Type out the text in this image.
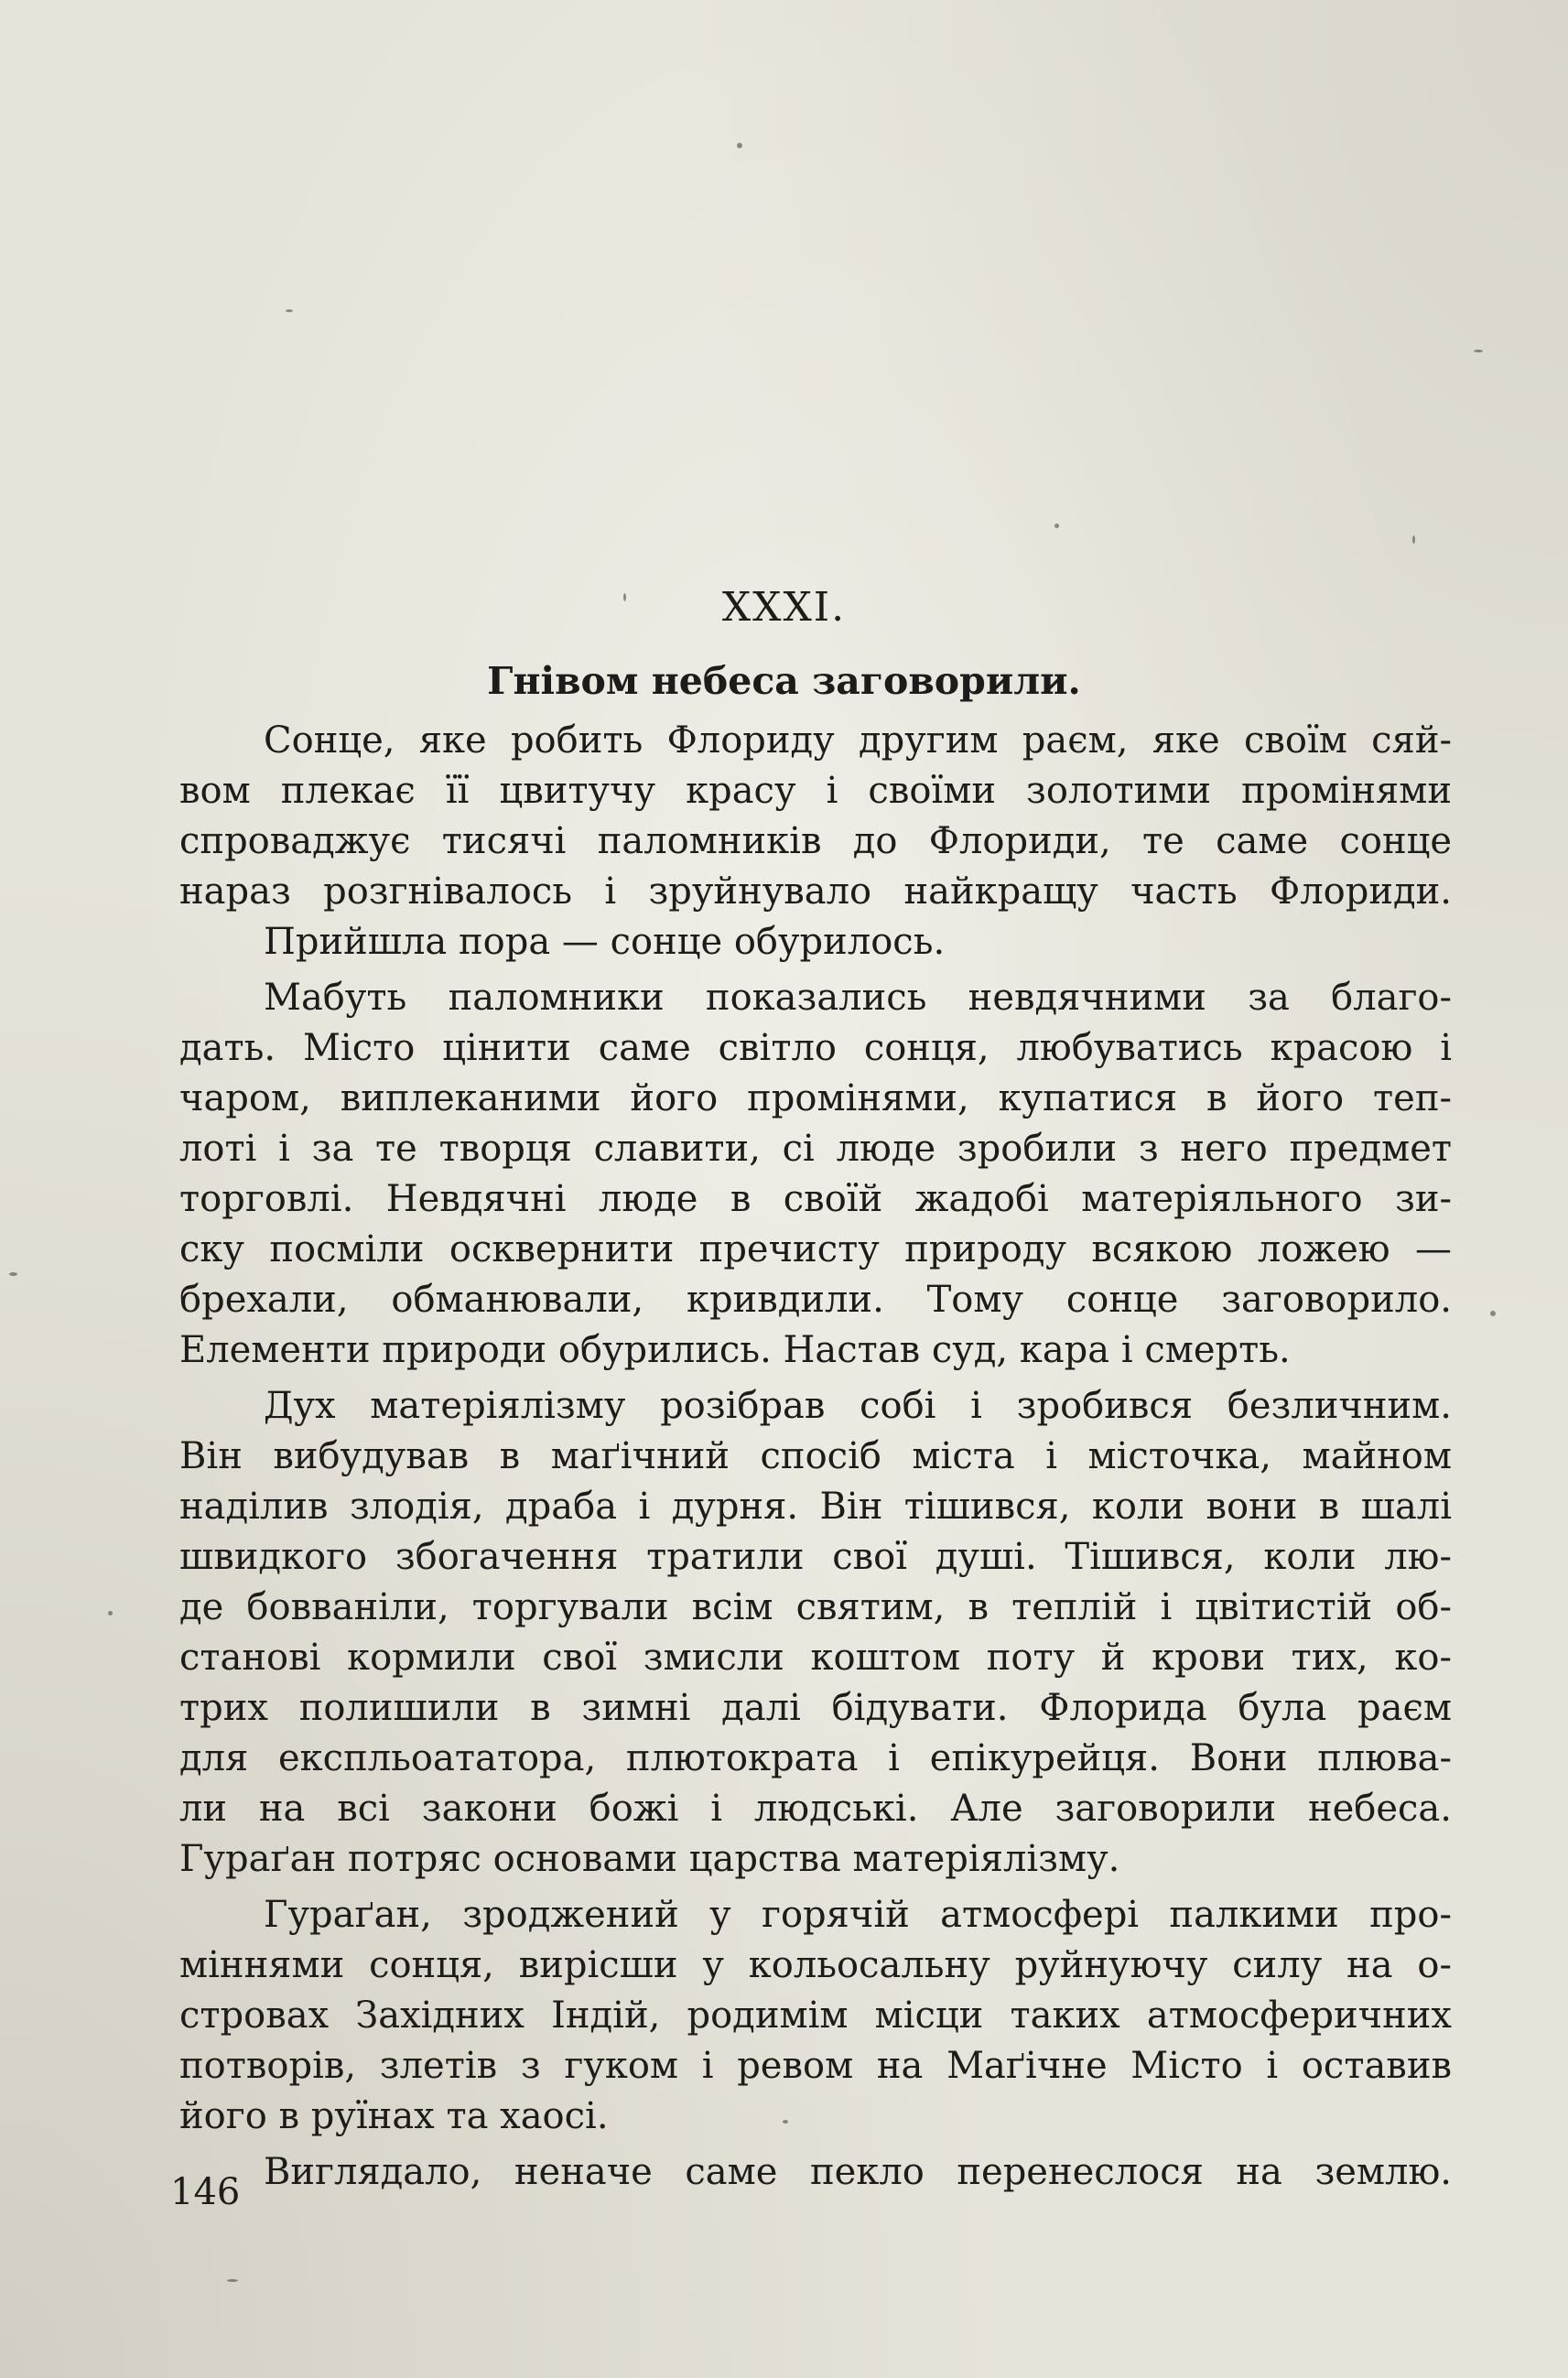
XXXI.
Гнівом небеса заговорили.
Сонце, яке робить Флориду другим раєм, яке своїм сяй-
вом плекає її цвитучу красу і своїми золотими промінями
спроваджує тисячі паломників до Флориди, те саме сонце
нараз розгнівалось і зруйнувало найкращу часть Флориди.
Прийшла пора — сонце обурилось.
Мабуть паломники показались невдячними за благо-
дать. Місто цінити саме світло сонця, любуватись красою і
чаром, виплеканими його промінями, купатися в його теп-
лоті і за те творця славити, сі люде зробили з него предмет
торговлі. Невдячні люде в своїй жадобі матеріяльного зи-
ску посміли осквернити пречисту природу всякою ложею —
брехали, обманювали, кривдили. Тому сонце заговорило.
Елементи природи обурились. Настав суд, кара і смерть.
Дух матеріялізму розібрав собі і зробився безличним.
Він вибудував в маґічний спосіб міста і місточка, майном
наділив злодія, драба і дурня. Він тішився, коли вони в шалі
швидкого збогачення тратили свої душі. Тішився, коли лю-
де бовваніли, торгували всім святим, в теплій і цвітистій об-
станові кормили свої змисли коштом поту й крови тих, ко-
трих полишили в зимні далі бідувати. Флорида була раєм
для експльоататора, плютократа і епікурейця. Вони плюва-
ли на всі закони божі і людські. Але заговорили небеса.
Гураґан потряс основами царства матеріялізму.
Гураґан, зроджений у горячій атмосфері палкими про-
міннями сонця, вирісши у кольосальну руйнуючу силу на о-
стровах Західних Індій, родимім місци таких атмосферичних
потворів, злетів з гуком і ревом на Маґічне Місто і оставив
його в руїнах та хаосі.
Виглядало, неначе саме пекло перенеслося на землю.
146
